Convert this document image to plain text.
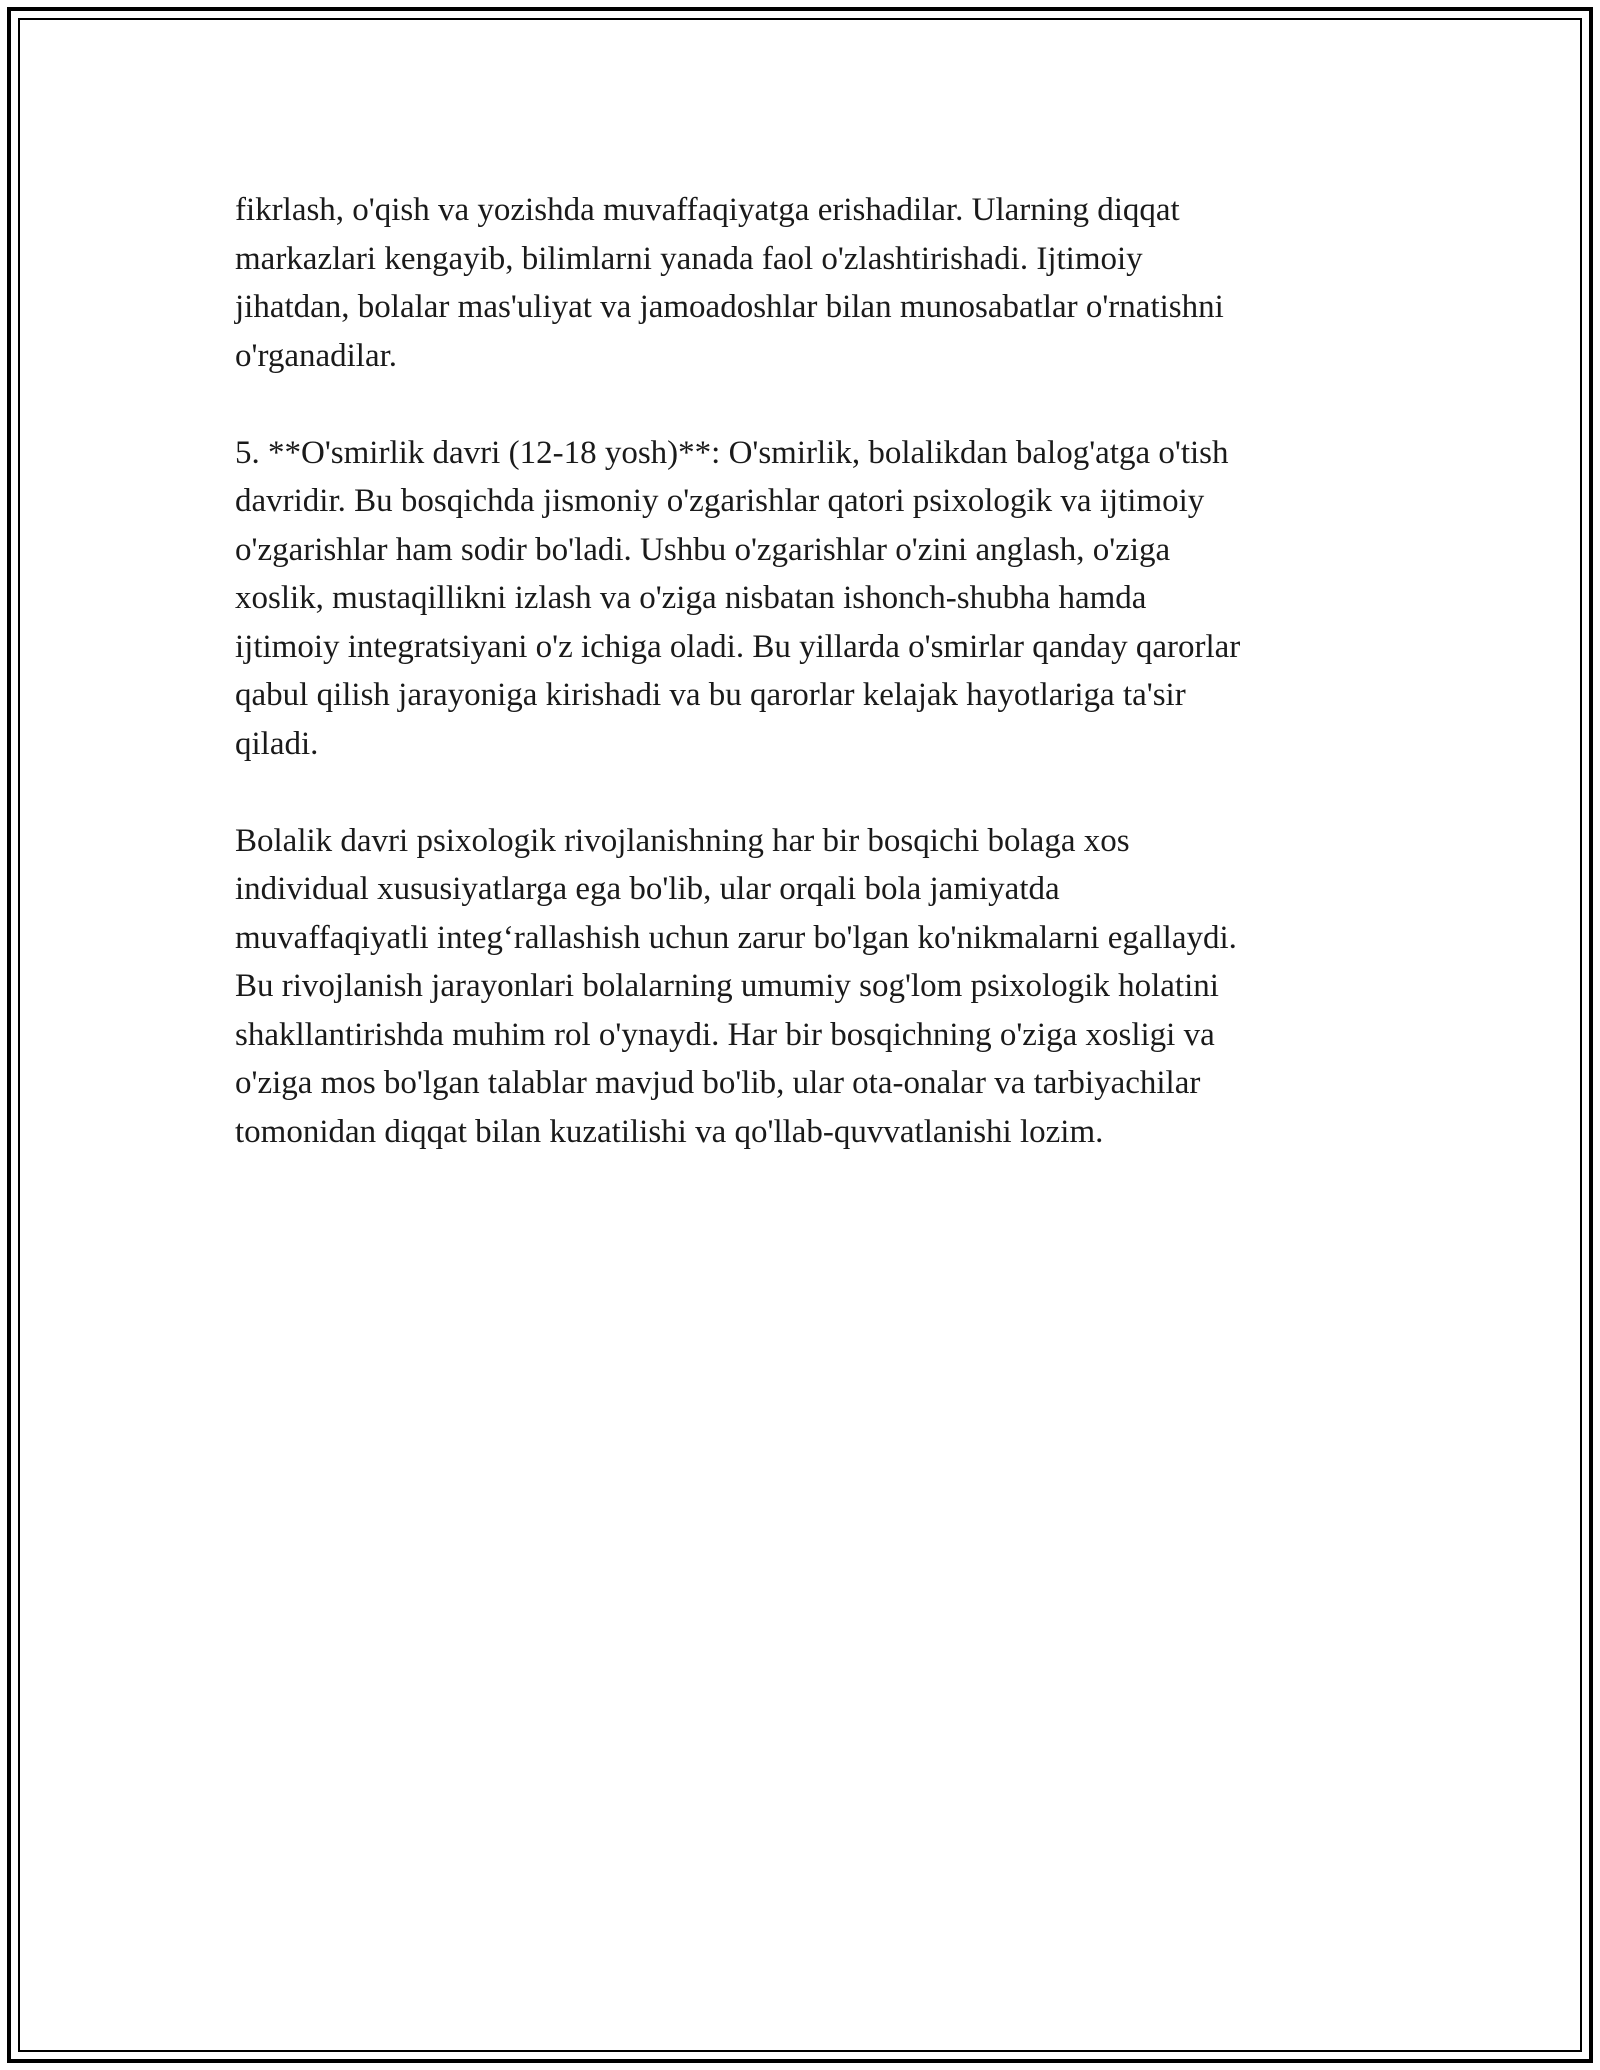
fikrlash, o'qish va yozishda muvaffaqiyatga erishadilar. Ularning diqqat
markazlari kengayib, bilimlarni yanada faol o'zlashtirishadi. Ijtimoiy
jihatdan, bolalar mas'uliyat va jamoadoshlar bilan munosabatlar o'rnatishni
o'rganadilar.

5. **O'smirlik davri (12-18 yosh)**: O'smirlik, bolalikdan balog'atga o'tish
davridir. Bu bosqichda jismoniy o'zgarishlar qatori psixologik va ijtimoiy
o'zgarishlar ham sodir bo'ladi. Ushbu o'zgarishlar o'zini anglash, o'ziga
xoslik, mustaqillikni izlash va o'ziga nisbatan ishonch-shubha hamda
ijtimoiy integratsiyani o'z ichiga oladi. Bu yillarda o'smirlar qanday qarorlar
qabul qilish jarayoniga kirishadi va bu qarorlar kelajak hayotlariga ta'sir
qiladi.

Bolalik davri psixologik rivojlanishning har bir bosqichi bolaga xos
individual xususiyatlarga ega bo'lib, ular orqali bola jamiyatda
muvaffaqiyatli integ‘rallashish uchun zarur bo'lgan ko'nikmalarni egallaydi.
Bu rivojlanish jarayonlari bolalarning umumiy sog'lom psixologik holatini
shakllantirishda muhim rol o'ynaydi. Har bir bosqichning o'ziga xosligi va
o'ziga mos bo'lgan talablar mavjud bo'lib, ular ota-onalar va tarbiyachilar
tomonidan diqqat bilan kuzatilishi va qo'llab-quvvatlanishi lozim.
